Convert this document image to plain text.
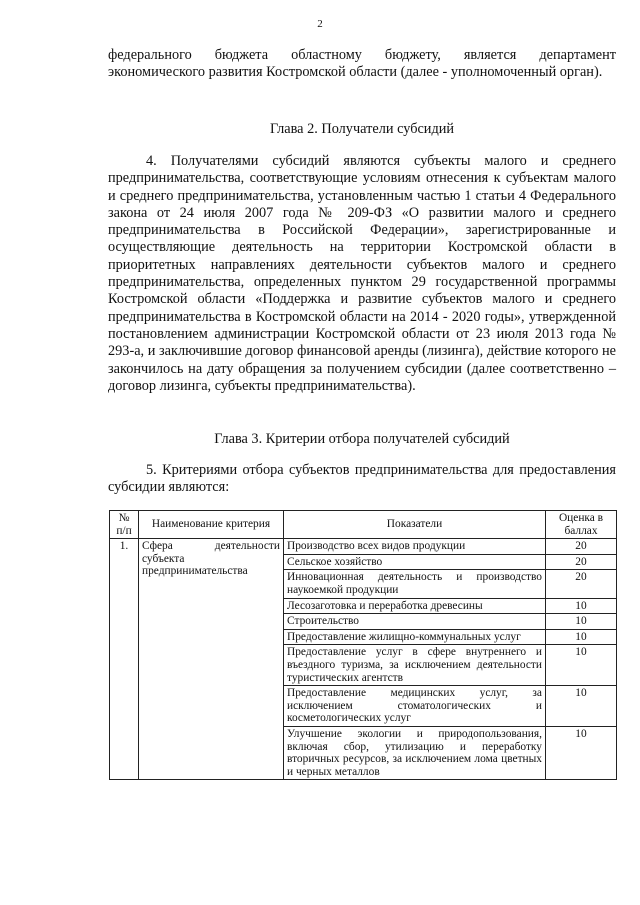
2

федерального бюджета областному бюджету, является департамент экономического развития Костромской области (далее - уполномоченный орган).

Глава 2. Получатели субсидий

4. Получателями субсидий являются субъекты малого и среднего предпринимательства, соответствующие условиям отнесения к субъектам малого и среднего предпринимательства, установленным частью 1 статьи 4 Федерального закона от 24 июля 2007 года № 209-ФЗ «О развитии малого и среднего предпринимательства в Российской Федерации», зарегистрированные и осуществляющие деятельность на территории Костромской области в приоритетных направлениях деятельности субъектов малого и среднего предпринимательства, определенных пунктом 29 государственной программы Костромской области «Поддержка и развитие субъектов малого и среднего предпринимательства в Костромской области на 2014 - 2020 годы», утвержденной постановлением администрации Костромской области от 23 июля 2013 года № 293-а, и заключившие договор финансовой аренды (лизинга), действие которого не закончилось на дату обращения за получением субсидии (далее соответственно – договор лизинга, субъекты предпринимательства).

Глава 3. Критерии отбора получателей субсидий

5. Критериями отбора субъектов предпринимательства для предоставления субсидии являются:

№ п/п	Наименование критерия	Показатели	Оценка в баллах
1.	Сфера деятельности субъекта предпринимательства	Производство всех видов продукции	20
		Сельское хозяйство	20
		Инновационная деятельность и производство наукоемкой продукции	20
		Лесозаготовка и переработка древесины	10
		Строительство	10
		Предоставление жилищно-коммунальных услуг	10
		Предоставление услуг в сфере внутреннего и въездного туризма, за исключением деятельности туристических агентств	10
		Предоставление медицинских услуг, за исключением стоматологических и косметологических услуг	10
		Улучшение экологии и природопользования, включая сбор, утилизацию и переработку вторичных ресурсов, за исключением лома цветных и черных металлов	10
